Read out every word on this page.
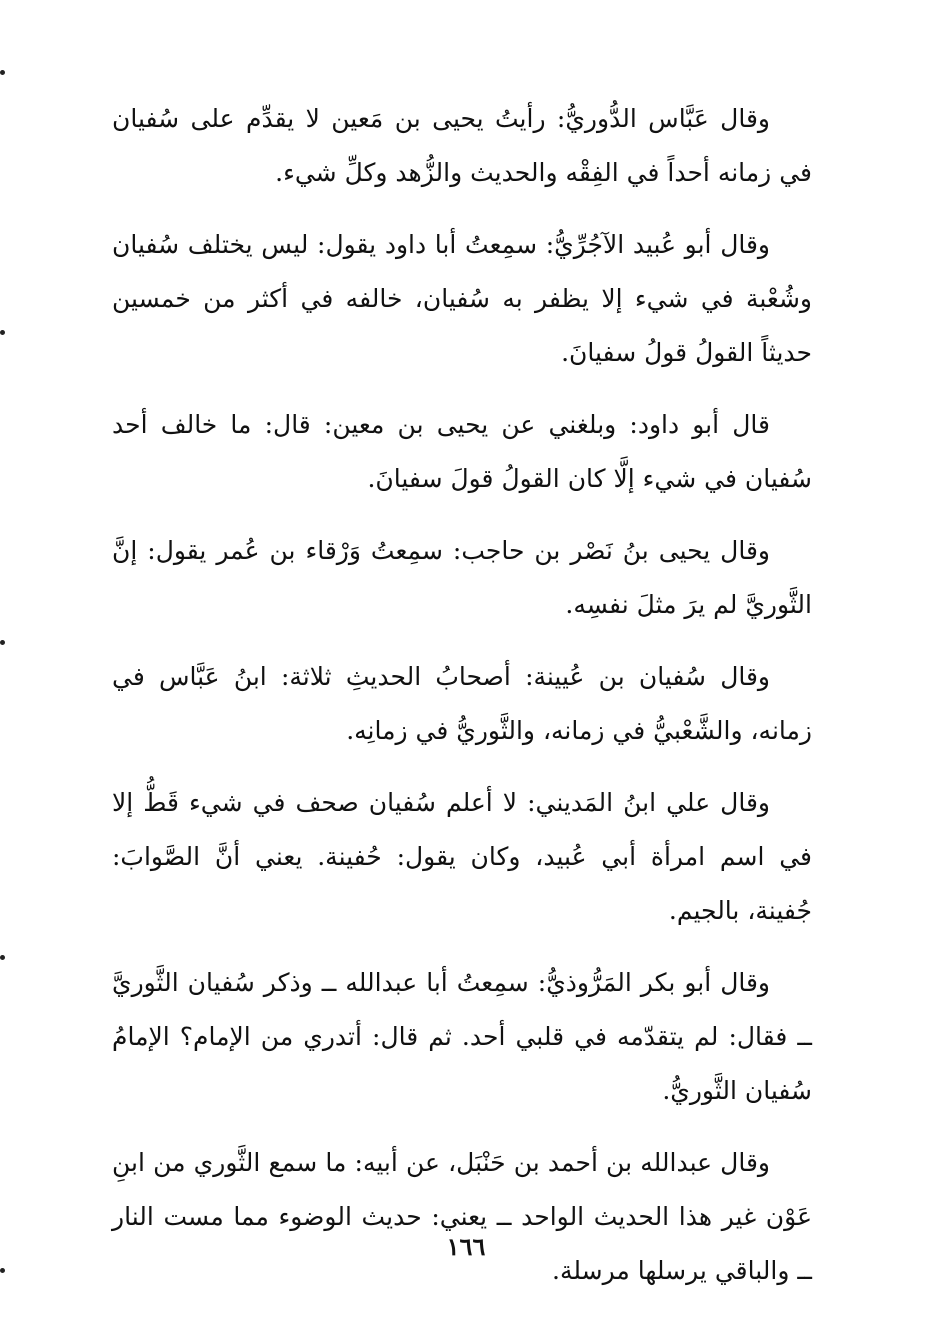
وقال عَبَّاس الدُّوريُّ: رأيتُ يحيى بن مَعين لا يقدِّم على سُفيان في زمانه أحداً في الفِقْه والحديث والزُّهد وكلِّ شيء.

وقال أبو عُبيد الآجُرِّيُّ: سمِعتُ أبا داود يقول: ليس يختلف سُفيان وشُعْبة في شيء إلا يظفر به سُفيان، خالفه في أكثر من خمسين حديثاً القولُ قولُ سفيانَ.

قال أبو داود: وبلغني عن يحيى بن معين: قال: ما خالف أحد سُفيان في شيء إلَّا كان القولُ قولَ سفيانَ.

وقال يحيى بنُ نَصْر بن حاجب: سمِعتُ وَرْقاء بن عُمر يقول: إنَّ الثَّوريَّ لم يرَ مثلَ نفسِه.

وقال سُفيان بن عُيينة: أصحابُ الحديثِ ثلاثة: ابنُ عَبَّاس في زمانه، والشَّعْبيُّ في زمانه، والثَّوريُّ في زمانِه.

وقال علي ابنُ المَديني: لا أعلم سُفيان صحف في شيء قَطُّ إلا في اسم امرأة أبي عُبيد، وكان يقول: حُفينة. يعني أنَّ الصَّوابَ: جُفينة، بالجيم.

وقال أبو بكر المَرُّوذيُّ: سمِعتُ أبا عبدالله ــ وذكر سُفيان الثَّوريَّ ــ فقال: لم يتقدّمه في قلبي أحد. ثم قال: أتدري من الإمام؟ الإمامُ سُفيان الثَّوريُّ.

وقال عبدالله بن أحمد بن حَنْبَل، عن أبيه: ما سمع الثَّوري من ابنِ عَوْن غير هذا الحديث الواحد ــ يعني: حديث الوضوء مما مست النار ــ والباقي يرسلها مرسلة.

١٦٦
